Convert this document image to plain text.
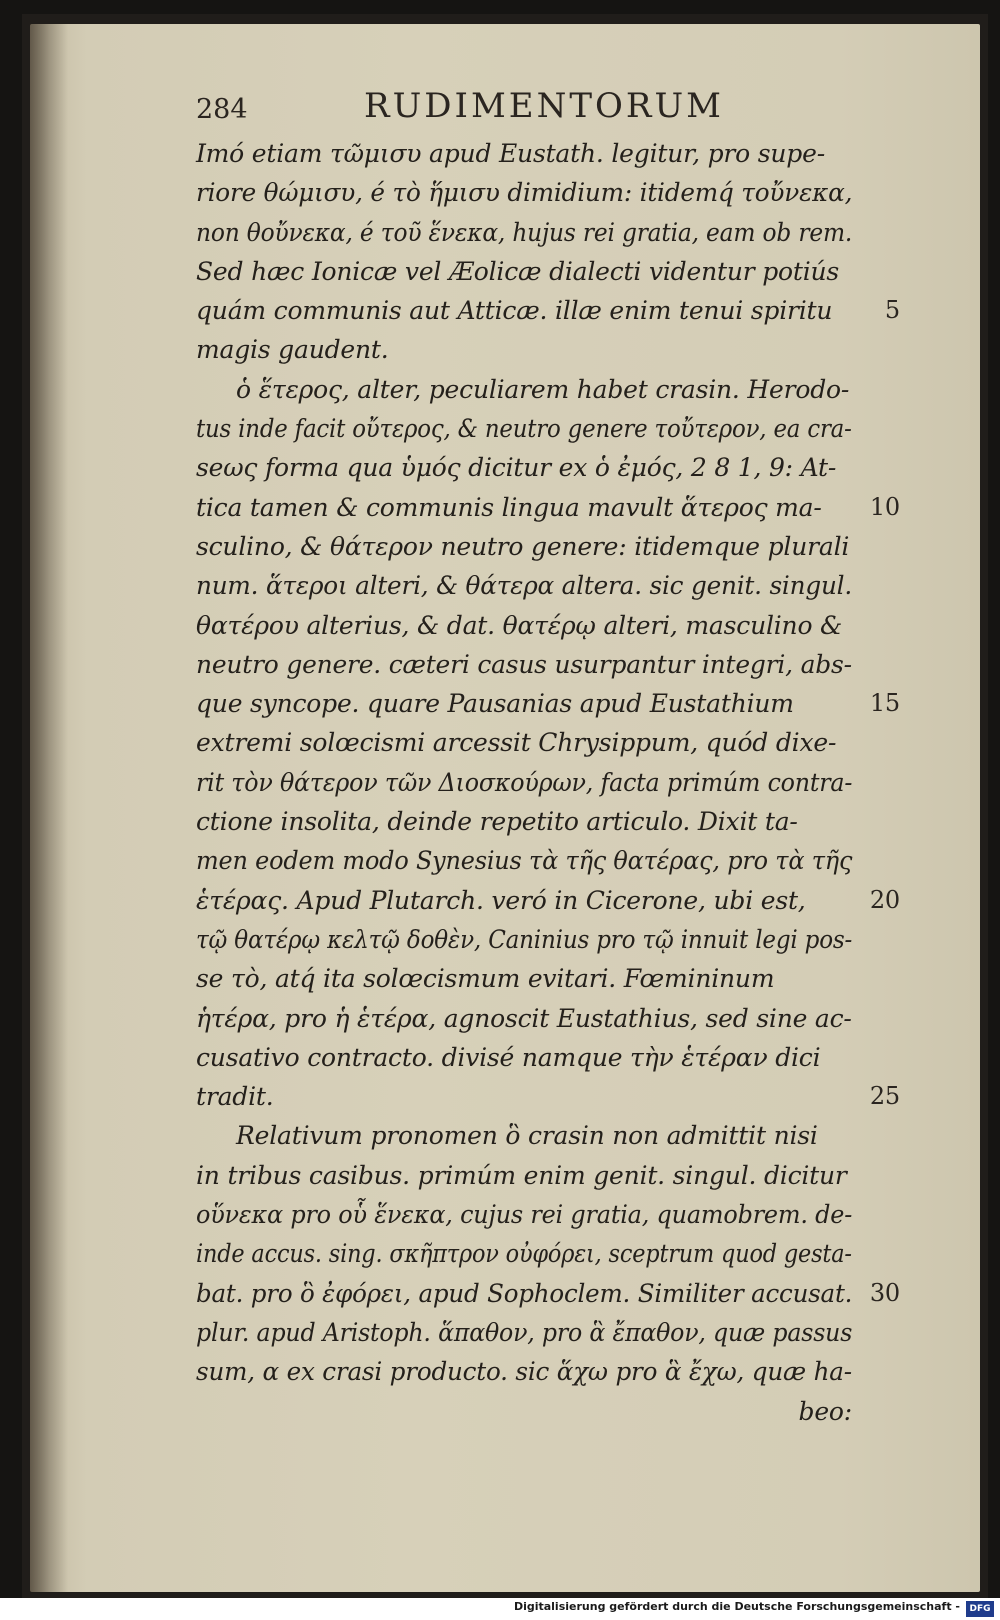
284	RUDIMENTORUM
Imó etiam τῶμισυ apud Eustath. legitur, pro supe-
riore θώμισυ, é τὸ ἥμισυ dimidium: itidemq́ τοὔνεκα,
non θοὔνεκα, é τοῦ ἕνεκα, hujus rei gratia, eam ob rem.
Sed hæc Ionicæ vel Æolicæ dialecti videntur potiús
quám communis aut Atticæ. illæ enim tenui spiritu 5
magis gaudent.
ὁ ἕτερος, alter, peculiarem habet crasin. Herodo-
tus inde facit οὔτερος, & neutro genere τοὔτερον, ea cra-
seως forma qua ὑμός dicitur ex ὁ ἐμός, 2 8 1, 9: At-
tica tamen & communis lingua mavult ἅτερος ma- 10
sculino, & θάτερον neutro genere: itidemque plurali
num. ἅτεροι alteri, & θάτερα altera. sic genit. singul.
θατέρου alterius, & dat. θατέρῳ alteri, masculino &
neutro genere. cæteri casus usurpantur integri, abs-
que syncope. quare Pausanias apud Eustathium	15
extremi solœcismi arcessit Chrysippum, quód dixe-
rit τὸν θάτερον τῶν Διοσκούρων, facta primúm contra-
ctione insolita, deinde repetito articulo. Dixit ta-
men eodem modo Synesius τὰ τῆς θατέρας, pro τὰ τῆς
ἑτέρας. Apud Plutarch. veró in Cicerone, ubi est,	20
τῷ θατέρῳ κελτῷ δοθὲν, Caninius pro τῷ innuit legi pos-
se τὸ, atq́ ita solœcismum evitari. Fœmininum
ἡτέρα, pro ἡ ἑτέρα, agnoscit Eustathius, sed sine ac-
cusativo contracto. divisé namque τὴν ἑτέραν dici
tradit.	25
Relativum pronomen ὃ crasin non admittit nisi
in tribus casibus. primúm enim genit. singul. dicitur
οὕνεκα pro οὗ ἕνεκα, cujus rei gratia, quamobrem. de-
inde accus. sing. σκῆπτρον οὐφόρει, sceptrum quod gesta-
bat. pro ὃ ἐφόρει, apud Sophoclem. Similiter accusat. 30
plur. apud Aristoph. ἅπαθον, pro ἃ ἔπαθον, quæ passus
sum, α ex crasi producto. sic ἅχω pro ἃ ἔχω, quæ ha-
beo:
Digitalisierung gefördert durch die Deutsche Forschungsgemeinschaft -	DFG
